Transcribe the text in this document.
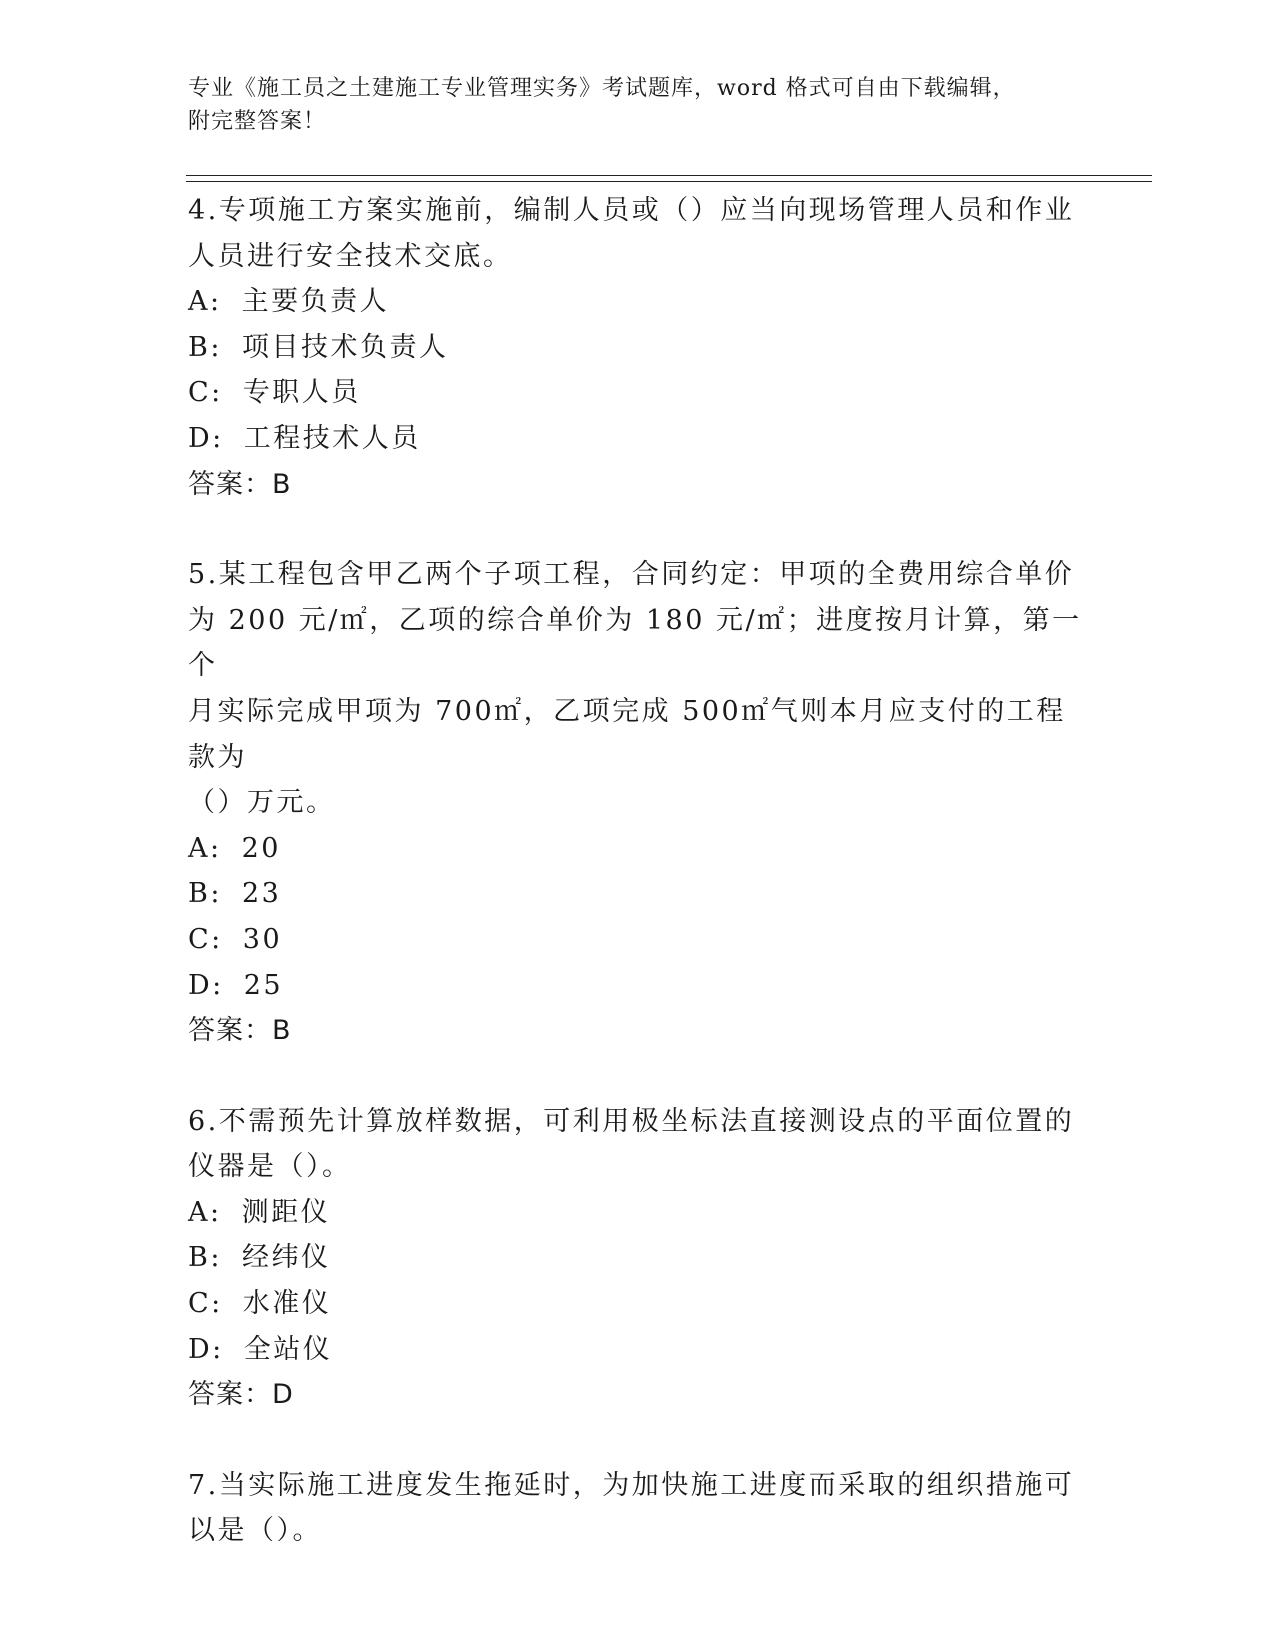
专业《施工员之土建施工专业管理实务》考试题库，word 格式可自由下载编辑，
附完整答案！

4.专项施工方案实施前，编制人员或（）应当向现场管理人员和作业

人员进行安全技术交底。

A: 主要负责人

B: 项目技术负责人

C: 专职人员

D: 工程技术人员

答案：B

5.某工程包含甲乙两个子项工程，合同约定：甲项的全费用综合单价

为 200 元/㎡，乙项的综合单价为 180 元/㎡；进度按月计算，第一个

月实际完成甲项为 700㎡，乙项完成 500㎡气则本月应支付的工程款为

（）万元。

A: 20

B: 23

C: 30

D: 25

答案：B

6.不需预先计算放样数据，可利用极坐标法直接测设点的平面位置的

仪器是（）。

A: 测距仪

B: 经纬仪

C: 水准仪

D: 全站仪

答案：D

7.当实际施工进度发生拖延时，为加快施工进度而采取的组织措施可

以是（）。
